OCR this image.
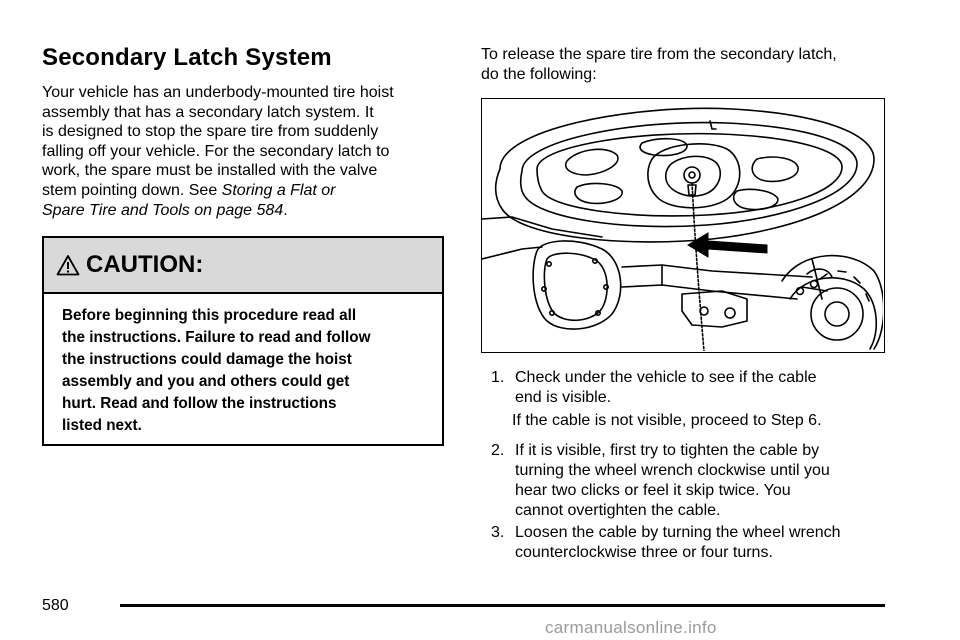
Secondary Latch System
Your vehicle has an underbody-mounted tire hoist
assembly that has a secondary latch system. It
is designed to stop the spare tire from suddenly
falling off your vehicle. For the secondary latch to
work, the spare must be installed with the valve
stem pointing down. See Storing a Flat or
Spare Tire and Tools on page 584.
CAUTION:
Before beginning this procedure read all
the instructions. Failure to read and follow
the instructions could damage the hoist
assembly and you and others could get
hurt. Read and follow the instructions
listed next.
To release the spare tire from the secondary latch,
do the following:
1. Check under the vehicle to see if the cable
end is visible.
If the cable is not visible, proceed to Step 6.
2. If it is visible, first try to tighten the cable by
turning the wheel wrench clockwise until you
hear two clicks or feel it skip twice. You
cannot overtighten the cable.
3. Loosen the cable by turning the wheel wrench
counterclockwise three or four turns.
580
carmanualsonline.info
